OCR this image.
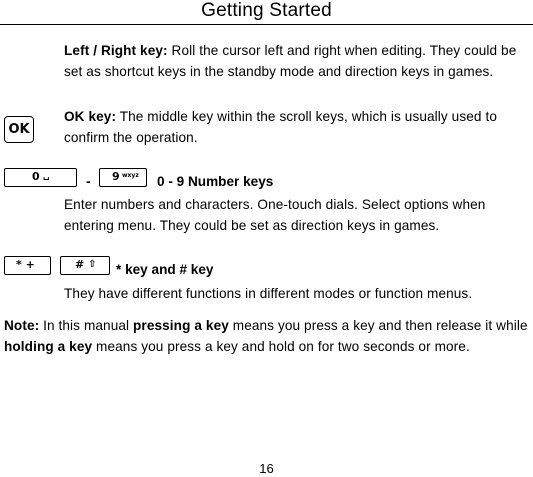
Getting Started
Left / Right key: Roll the cursor left and right when editing. They could be set as shortcut keys in the standby mode and direction keys in games.
OK
OK key: The middle key within the scroll keys, which is usually used to confirm the operation.
0 ␣	- 9 wxyz 0 - 9 Number keys
Enter numbers and characters. One-touch dials. Select options when entering menu. They could be set as direction keys in games.
* +	# ⇧ * key and # key
They have different functions in different modes or function menus.
Note: In this manual pressing a key means you press a key and then release it while holding a key means you press a key and hold on for two seconds or more.
16
